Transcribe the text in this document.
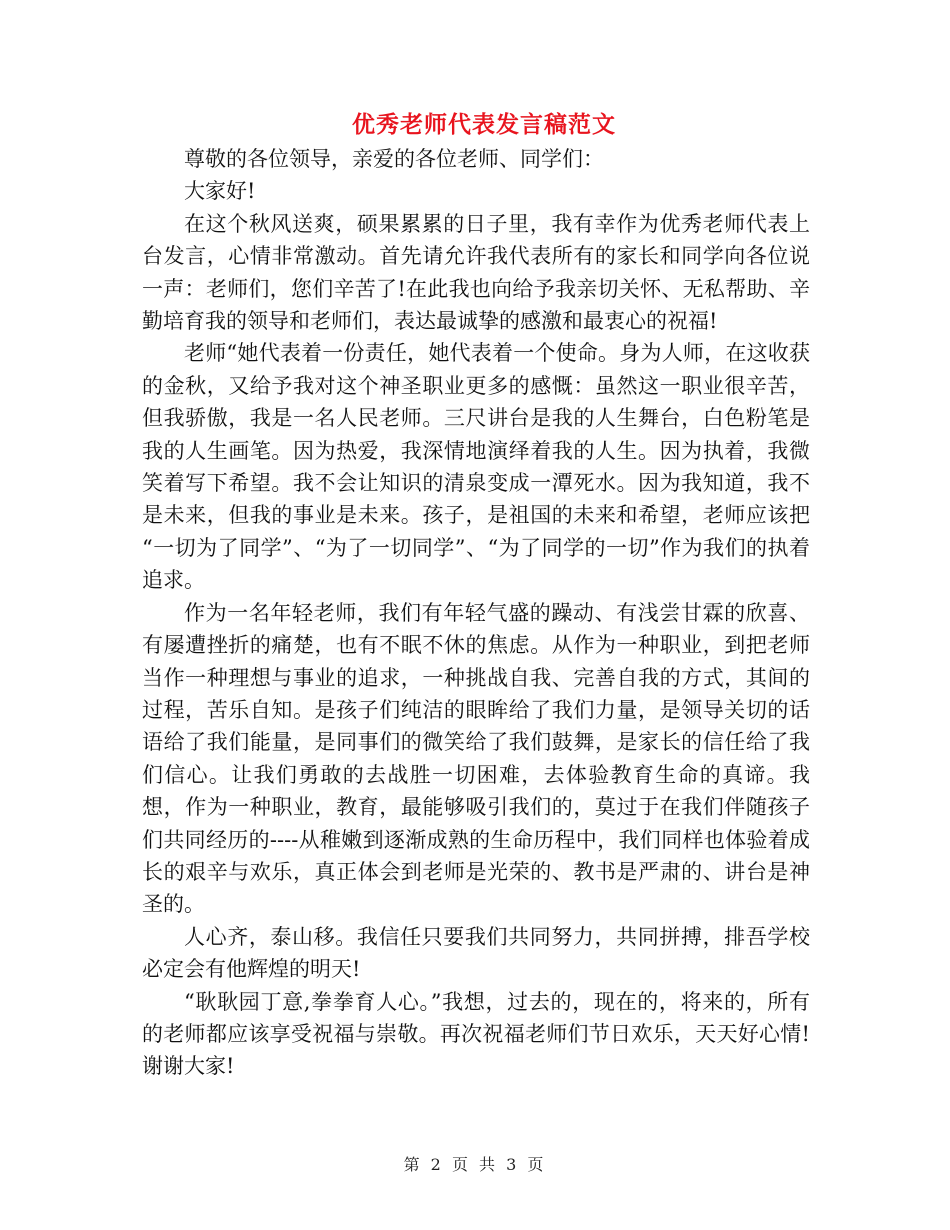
优秀老师代表发言稿范文

尊敬的各位领导，亲爱的各位老师、同学们：

大家好!

在这个秋风送爽，硕果累累的日子里，我有幸作为优秀老师代表上台发言，心情非常激动。首先请允许我代表所有的家长和同学向各位说一声：老师们，您们辛苦了!在此我也向给予我亲切关怀、无私帮助、辛勤培育我的领导和老师们，表达最诚挚的感激和最衷心的祝福!

老师“她代表着一份责任，她代表着一个使命。身为人师，在这收获的金秋，又给予我对这个神圣职业更多的感慨：虽然这一职业很辛苦，但我骄傲，我是一名人民老师。三尺讲台是我的人生舞台，白色粉笔是我的人生画笔。因为热爱，我深情地演绎着我的人生。因为执着，我微笑着写下希望。我不会让知识的清泉变成一潭死水。因为我知道，我不是未来，但我的事业是未来。孩子，是祖国的未来和希望，老师应该把 “一切为了同学”、“为了一切同学”、“为了同学的一切”作为我们的执着追求。

作为一名年轻老师，我们有年轻气盛的躁动、有浅尝甘霖的欣喜、有屡遭挫折的痛楚，也有不眠不休的焦虑。从作为一种职业，到把老师当作一种理想与事业的追求，一种挑战自我、完善自我的方式，其间的过程，苦乐自知。是孩子们纯洁的眼眸给了我们力量，是领导关切的话语给了我们能量，是同事们的微笑给了我们鼓舞，是家长的信任给了我们信心。让我们勇敢的去战胜一切困难，去体验教育生命的真谛。我想，作为一种职业，教育，最能够吸引我们的，莫过于在我们伴随孩子们共同经历的----从稚嫩到逐渐成熟的生命历程中，我们同样也体验着成长的艰辛与欢乐，真正体会到老师是光荣的、教书是严肃的、讲台是神圣的。

人心齐，泰山移。我信任只要我们共同努力，共同拼搏，排吾学校必定会有他辉煌的明天!

“耿耿园丁意,拳拳育人心。”我想，过去的，现在的，将来的，所有的老师都应该享受祝福与崇敬。再次祝福老师们节日欢乐，天天好心情!谢谢大家!

第 2 页 共 3 页
